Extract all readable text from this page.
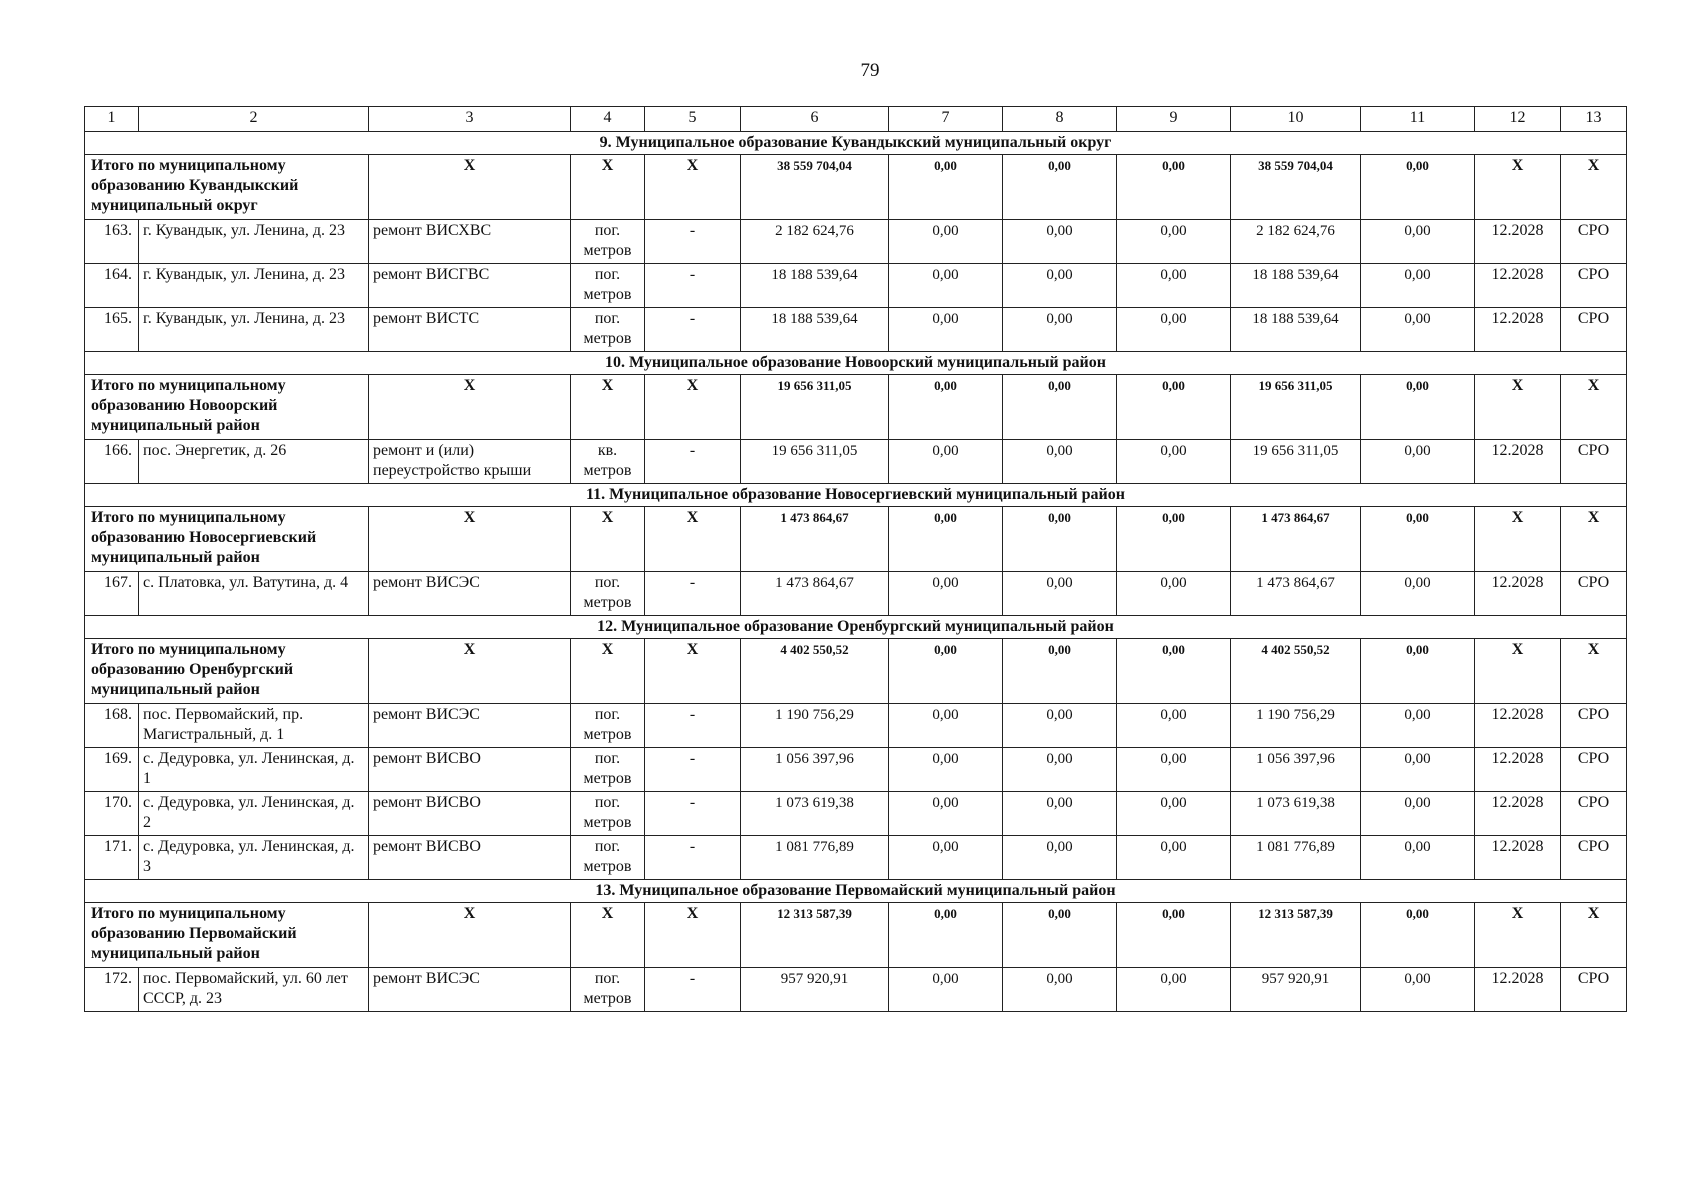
79
1	2	3	4	5	6	7	8	9	10	11	12	13
9. Муниципальное образование Кувандыкский муниципальный округ												
Итого по муниципальному образованию Кувандыкский муниципальный округ		X	X	X	38 559 704,04	0,00	0,00	0,00	38 559 704,04	0,00	X	X
163.	г. Кувандык, ул. Ленина, д. 23	ремонт ВИСХВС	пог. метров	-	2 182 624,76	0,00	0,00	0,00	2 182 624,76	0,00	12.2028	СРО
164.	г. Кувандык, ул. Ленина, д. 23	ремонт ВИСГВС	пог. метров	-	18 188 539,64	0,00	0,00	0,00	18 188 539,64	0,00	12.2028	СРО
165.	г. Кувандык, ул. Ленина, д. 23	ремонт ВИСТС	пог. метров	-	18 188 539,64	0,00	0,00	0,00	18 188 539,64	0,00	12.2028	СРО
10. Муниципальное образование Новоорский муниципальный район												
Итого по муниципальному образованию Новоорский муниципальный район		X	X	X	19 656 311,05	0,00	0,00	0,00	19 656 311,05	0,00	X	X
166.	пос. Энергетик, д. 26	ремонт и (или) переустройство крыши	кв. метров	-	19 656 311,05	0,00	0,00	0,00	19 656 311,05	0,00	12.2028	СРО
11. Муниципальное образование Новосергиевский муниципальный район												
Итого по муниципальному образованию Новосергиевский муниципальный район		X	X	X	1 473 864,67	0,00	0,00	0,00	1 473 864,67	0,00	X	X
167.	с. Платовка, ул. Ватутина, д. 4	ремонт ВИСЭС	пог. метров	-	1 473 864,67	0,00	0,00	0,00	1 473 864,67	0,00	12.2028	СРО
12. Муниципальное образование Оренбургский муниципальный район												
Итого по муниципальному образованию Оренбургский муниципальный район		X	X	X	4 402 550,52	0,00	0,00	0,00	4 402 550,52	0,00	X	X
168.	пос. Первомайский, пр. Магистральный, д. 1	ремонт ВИСЭС	пог. метров	-	1 190 756,29	0,00	0,00	0,00	1 190 756,29	0,00	12.2028	СРО
169.	с. Дедуровка, ул. Ленинская, д. 1	ремонт ВИСВО	пог. метров	-	1 056 397,96	0,00	0,00	0,00	1 056 397,96	0,00	12.2028	СРО
170.	с. Дедуровка, ул. Ленинская, д. 2	ремонт ВИСВО	пог. метров	-	1 073 619,38	0,00	0,00	0,00	1 073 619,38	0,00	12.2028	СРО
171.	с. Дедуровка, ул. Ленинская, д. 3	ремонт ВИСВО	пог. метров	-	1 081 776,89	0,00	0,00	0,00	1 081 776,89	0,00	12.2028	СРО
13. Муниципальное образование Первомайский муниципальный район												
Итого по муниципальному образованию Первомайский муниципальный район		X	X	X	12 313 587,39	0,00	0,00	0,00	12 313 587,39	0,00	X	X
172.	пос. Первомайский, ул. 60 лет СССР, д. 23	ремонт ВИСЭС	пог. метров	-	957 920,91	0,00	0,00	0,00	957 920,91	0,00	12.2028	СРО
